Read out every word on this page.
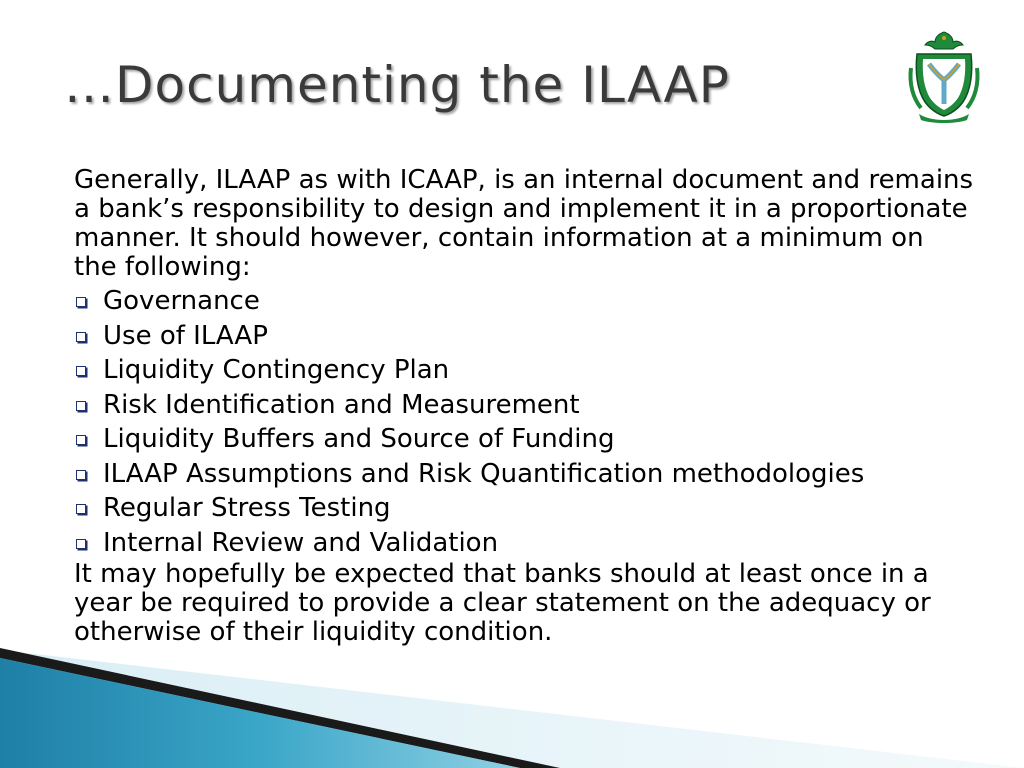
…Documenting the ILAAP

Generally, ILAAP as with ICAAP, is an internal document and remains a bank’s responsibility to design and implement it in a proportionate manner. It should however, contain information at a minimum on the following:

Governance
Use of ILAAP
Liquidity Contingency Plan
Risk Identification and Measurement
Liquidity Buffers and Source of Funding
ILAAP Assumptions and Risk Quantification methodologies
Regular Stress Testing
Internal Review and Validation

It may hopefully be expected that banks should at least once in a year be required to provide a clear statement on the adequacy or otherwise of their liquidity condition.
